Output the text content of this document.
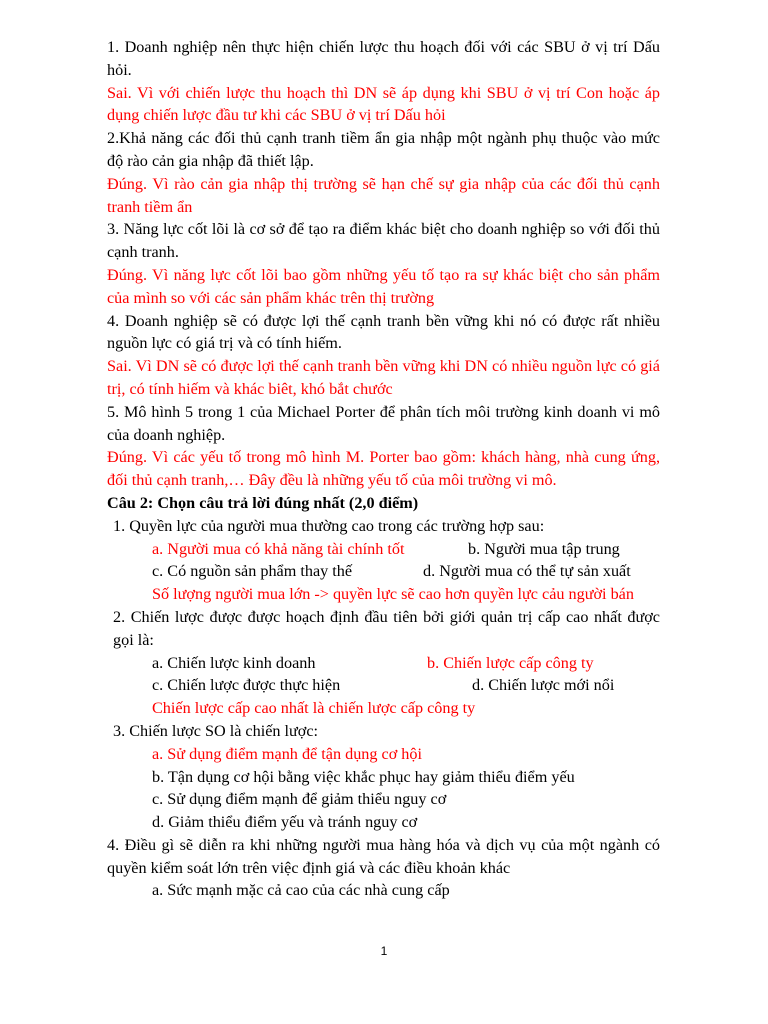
1. Doanh nghiệp nên thực hiện chiến lược thu hoạch đối với các SBU ở vị trí Dấu hỏi.

Sai. Vì với chiến lược thu hoạch thì DN sẽ áp dụng khi SBU ở vị trí Con hoặc áp dụng chiến lược đầu tư khi các SBU ở vị trí Dấu hỏi

2.Khả năng các đối thủ cạnh tranh tiềm ẩn gia nhập một ngành phụ thuộc vào mức độ rào cản gia nhập đã thiết lập.

Đúng. Vì rào cản gia nhập thị trường sẽ hạn chế sự gia nhập của các đối thủ cạnh tranh tiềm ẩn

3. Năng lực cốt lõi là cơ sở để tạo ra điểm khác biệt cho doanh nghiệp so với đối thủ cạnh tranh.

Đúng. Vì năng lực cốt lõi bao gồm những yếu tố tạo ra sự khác biệt cho sản phẩm của mình so với các sản phẩm khác trên thị trường

4. Doanh nghiệp sẽ có được lợi thế cạnh tranh bền vững khi nó có được rất nhiều nguồn lực có giá trị và có tính hiếm.

Sai. Vì DN sẽ có được lợi thế cạnh tranh bền vững khi DN có nhiều nguồn lực có giá trị, có tính hiếm và khác biêt, khó bắt chước

5. Mô hình 5 trong 1 của Michael Porter để phân tích môi trường kinh doanh vi mô của doanh nghiệp.

Đúng. Vì các yếu tố trong mô hình M. Porter bao gồm: khách hàng, nhà cung ứng, đối thủ cạnh tranh,… Đây đều là những yếu tố của môi trường vi mô.

Câu 2: Chọn câu trả lời đúng nhất (2,0 điểm)

1. Quyền lực của người mua thường cao trong các trường hợp sau:

a. Người mua có khả năng tài chính tốt	b. Người mua tập trung
c. Có nguồn sản phẩm thay thế	d. Người mua có thể tự sản xuất

Số lượng người mua lớn -> quyền lực sẽ cao hơn quyền lực cảu người bán

2. Chiến lược được được hoạch định đầu tiên bởi giới quản trị cấp cao nhất được gọi là:

a. Chiến lược kinh doanh	b. Chiến lược cấp công ty
c. Chiến lược được thực hiện	d. Chiến lược mới nổi

Chiến lược cấp cao nhất là chiến lược cấp công ty

3. Chiến lược SO là chiến lược:

a. Sử dụng điểm mạnh để tận dụng cơ hội

b. Tận dụng cơ hội bằng việc khắc phục hay giảm thiểu điểm yếu

c. Sử dụng điểm mạnh để giảm thiểu nguy cơ

d. Giảm thiểu điểm yếu và tránh nguy cơ

4. Điều gì sẽ diễn ra khi những người mua hàng hóa và dịch vụ của một ngành có quyền kiểm soát lớn trên việc định giá và các điều khoản khác

a. Sức mạnh mặc cả cao của các nhà cung cấp

1
